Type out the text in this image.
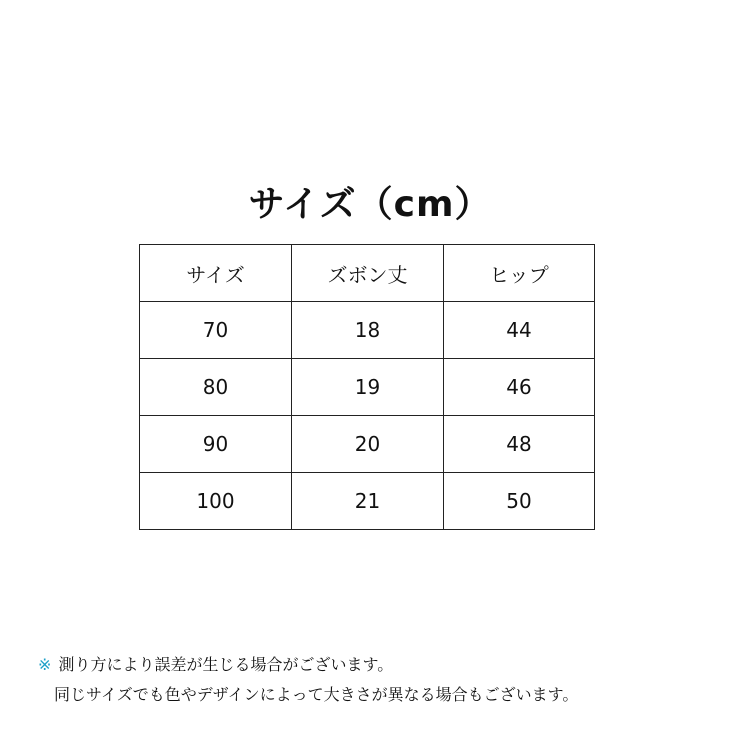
サイズ（cm）
サイズ	ズボン丈	ヒップ
70	18	44
80	19	46
90	20	48
100	21	50
※ 測り方により誤差が生じる場合がございます。
同じサイズでも色やデザインによって大きさが異なる場合もございます。
